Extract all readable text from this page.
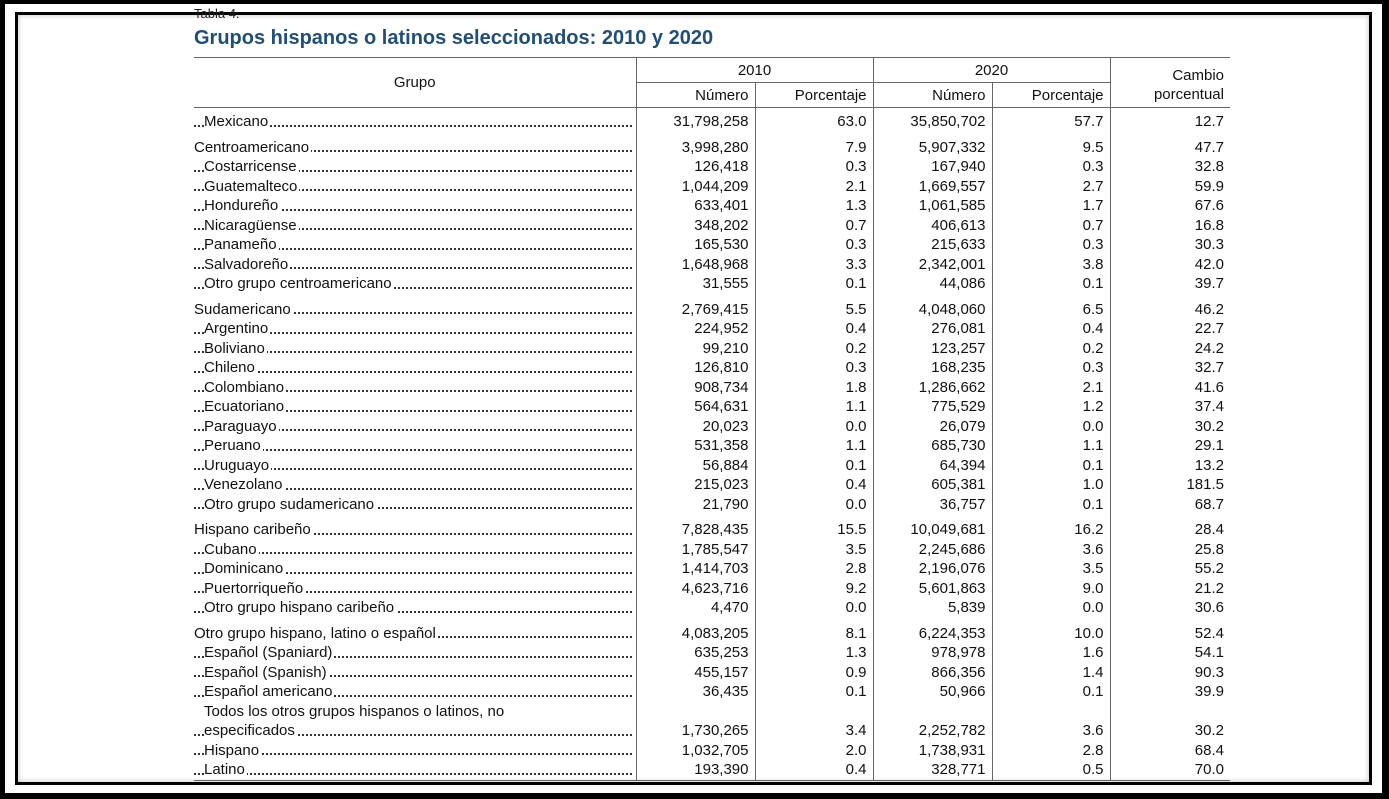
Tabla 4.
Grupos hispanos o latinos seleccionados: 2010 y 2020
Grupo	2010		2020		Cambio
porcentual
	Número	Porcentaje	Número	Porcentaje	

Mexicano	31,798,258	63.0	35,850,702	57.7	12.7

Centroamericano	3,998,280	7.9	5,907,332	9.5	47.7

Costarricense	126,418	0.3	167,940	0.3	32.8

Guatemalteco	1,044,209	2.1	1,669,557	2.7	59.9

Hondureño	633,401	1.3	1,061,585	1.7	67.6

Nicaragüense	348,202	0.7	406,613	0.7	16.8

Panameño	165,530	0.3	215,633	0.3	30.3

Salvadoreño	1,648,968	3.3	2,342,001	3.8	42.0

Otro grupo centroamericano	31,555	0.1	44,086	0.1	39.7

Sudamericano	2,769,415	5.5	4,048,060	6.5	46.2

Argentino	224,952	0.4	276,081	0.4	22.7

Boliviano	99,210	0.2	123,257	0.2	24.2

Chileno	126,810	0.3	168,235	0.3	32.7

Colombiano	908,734	1.8	1,286,662	2.1	41.6

Ecuatoriano	564,631	1.1	775,529	1.2	37.4

Paraguayo	20,023	0.0	26,079	0.0	30.2

Peruano	531,358	1.1	685,730	1.1	29.1

Uruguayo	56,884	0.1	64,394	0.1	13.2

Venezolano	215,023	0.4	605,381	1.0	181.5

Otro grupo sudamericano	21,790	0.0	36,757	0.1	68.7

Hispano caribeño	7,828,435	15.5	10,049,681	16.2	28.4

Cubano	1,785,547	3.5	2,245,686	3.6	25.8

Dominicano	1,414,703	2.8	2,196,076	3.5	55.2

Puertorriqueño	4,623,716	9.2	5,601,863	9.0	21.2

Otro grupo hispano caribeño	4,470	0.0	5,839	0.0	30.6

Otro grupo hispano, latino o español	4,083,205	8.1	6,224,353	10.0	52.4

Español (Spaniard)	635,253	1.3	978,978	1.6	54.1

Español (Spanish)	455,157	0.9	866,356	1.4	90.3

Español americano	36,435	0.1	50,966	0.1	39.9
Todos los otros grupos hispanos o latinos, no					

especificados	1,730,265	3.4	2,252,782	3.6	30.2

Hispano	1,032,705	2.0	1,738,931	2.8	68.4

Latino	193,390	0.4	328,771	0.5	70.0
